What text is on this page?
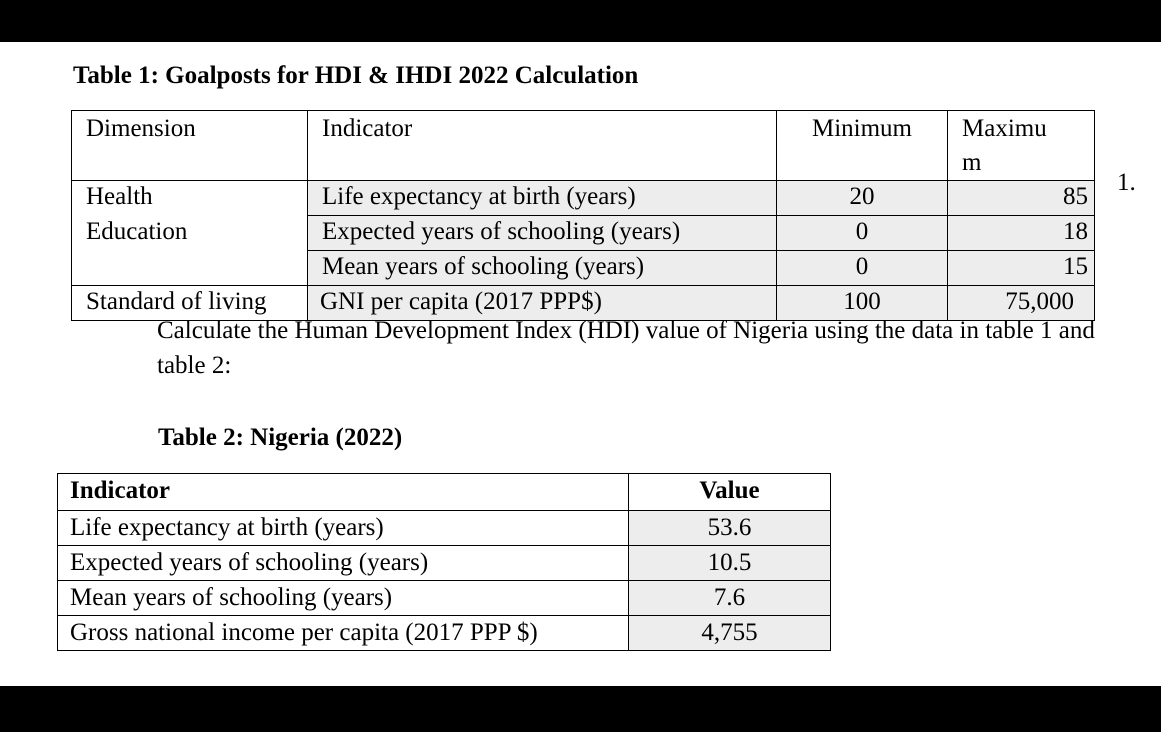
Table 1: Goalposts for HDI & IHDI 2022 Calculation
Dimension	Indicator	Minimum	Maximu
m
Health	Life expectancy at birth (years)	20	85
Education	Expected years of schooling (years)	0	18
	Mean years of schooling (years)	0	15
Standard of living	GNI per capita (2017 PPP$)	100	75,000
1.
Calculate the Human Development Index (HDI) value of Nigeria using the data in table 1 and table 2:
Table 2: Nigeria (2022)
Indicator	Value
Life expectancy at birth (years)	53.6
Expected years of schooling (years)	10.5
Mean years of schooling (years)	7.6
Gross national income per capita (2017 PPP $)	4,755
